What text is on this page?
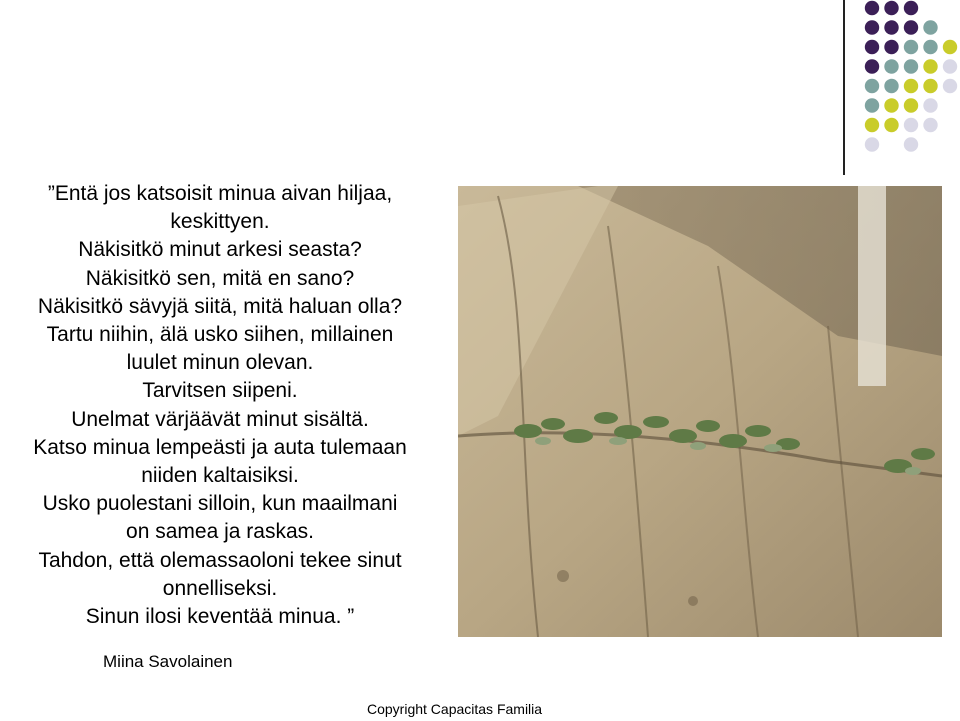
”Entä jos katsoisit minua aivan hiljaa,
keskittyen.
Näkisitkö minut arkesi seasta?
Näkisitkö sen, mitä en sano?
Näkisitkö sävyjä siitä, mitä haluan olla?
Tartu niihin, älä usko siihen, millainen
luulet minun olevan.
Tarvitsen siipeni.
Unelmat värjäävät minut sisältä.
Katso minua lempeästi ja auta tulemaan
niiden kaltaisiksi.
Usko puolestani silloin, kun maailmani
on samea ja raskas.
Tahdon, että olemassaoloni tekee sinut
onnelliseksi.
Sinun ilosi keventää minua. ”
Miina Savolainen
Copyright Capacitas Familia
